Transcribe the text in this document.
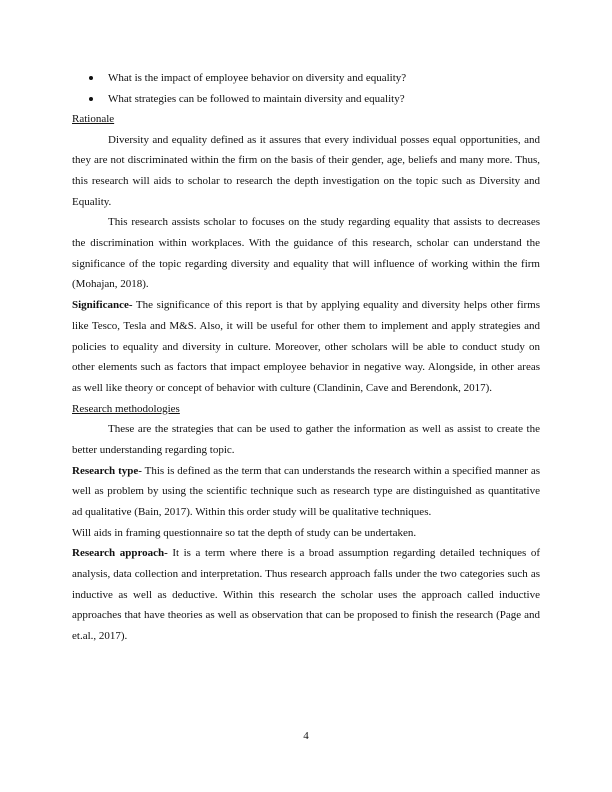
What is the impact of employee behavior on diversity and equality?
What strategies can be followed to maintain diversity and equality?
Rationale

Diversity and equality defined as it assures that every individual posses equal opportunities, and they are not discriminated within the firm on the basis of their gender, age, beliefs and many more. Thus, this research will aids to scholar to research the depth investigation on the topic such as Diversity and Equality.

This research assists scholar to focuses on the study regarding equality that assists to decreases the discrimination within workplaces. With the guidance of this research, scholar can understand the significance of the topic regarding diversity and equality that will influence of working within the firm (Mohajan, 2018).

Significance- The significance of this report is that by applying equality and diversity helps other firms like Tesco, Tesla and M&S. Also, it will be useful for other them to implement and apply strategies and policies to equality and diversity in culture. Moreover, other scholars will be able to conduct study on other elements such as factors that impact employee behavior in negative way. Alongside, in other areas as well like theory or concept of behavior with culture (Clandinin, Cave and Berendonk, 2017).

Research methodologies

These are the strategies that can be used to gather the information as well as assist to create the better understanding regarding topic.

Research type- This is defined as the term that can understands the research within a specified manner as well as problem by using the scientific technique such as research type are distinguished as quantitative ad qualitative (Bain, 2017). Within this order study will be qualitative techniques.

Will aids in framing questionnaire so tat the depth of study can be undertaken.

Research approach- It is a term where there is a broad assumption regarding detailed techniques of analysis, data collection and interpretation. Thus research approach falls under the two categories such as inductive as well as deductive. Within this research the scholar uses the approach called inductive approaches that have theories as well as observation that can be proposed to finish the research (Page and et.al., 2017).

4
